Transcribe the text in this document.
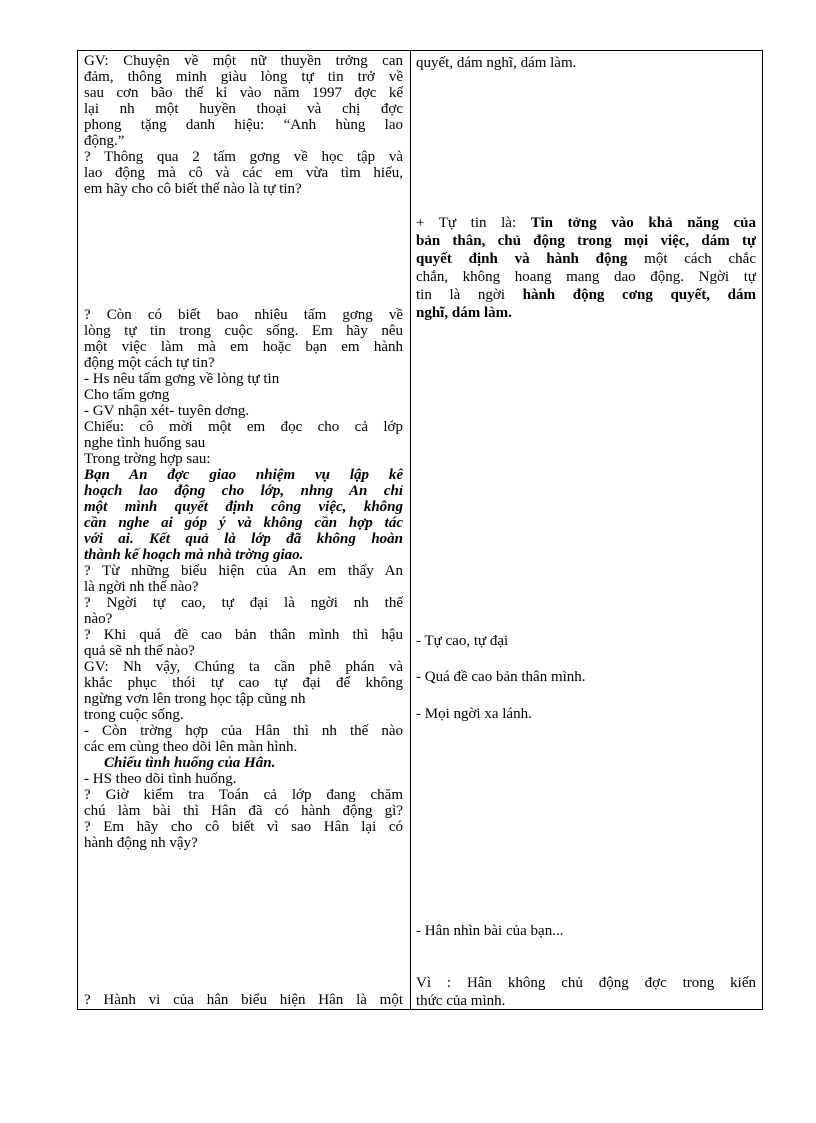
GV: Chuyện về một nữ thuyền trởng can
đảm, thông minh giàu lòng tự tin trở về
sau cơn bão thế kỉ vào năm 1997 đợc kể
lại nh một huyền thoại và chị đợc
phong tặng danh hiệu: “Anh hùng lao
động.”
? Thông qua 2 tấm gơng về học tập và
lao động mà cô và các em vừa tìm hiểu,
em hãy cho cô biết thế nào là tự tin?
? Còn có biết bao nhiêu tấm gơng về
lòng tự tin trong cuộc sống. Em hãy nêu
một việc làm mà em hoặc bạn em hành
động một cách tự tin?
- Hs nêu tấm gơng về lòng tự tin
Cho tấm gơng
- GV nhận xét- tuyên dơng.
Chiếu: cô mời một em đọc cho cả lớp
nghe tình huống sau
Trong trờng hợp sau:
Bạn An đợc giao nhiệm vụ lập kế
hoạch lao động cho lớp, nhng An chỉ
một mình quyết định công việc, không
cần nghe ai góp ý và không cần hợp tác
với ai. Kết quả là lớp đã không hoàn
thành kế hoạch mà nhà trờng giao.
? Từ những biểu hiện của An em thấy An
là ngời nh thế nào?
? Ngời tự cao, tự đại là ngời nh thế
nào?
? Khi quá đề cao bản thân mình thì hậu
quả sẽ nh thế nào?
GV: Nh vậy, Chúng ta cần phê phán và
khắc phục thói tự cao tự đại để không
ngừng vơn lên trong học tập cũng nh
trong cuộc sống.
- Còn trờng hợp của Hân thì nh thế nào
các em cùng theo dõi lên màn hình.
Chiếu tình huống của Hân.
- HS theo dõi tình huống.
? Giờ kiểm tra Toán cả lớp đang chăm
chú làm bài thì Hân đã có hành động gì?
? Em hãy cho cô biết vì sao Hân lại có
hành động nh vậy?
? Hành vi của hân biểu hiện Hân là một
quyết, dám nghĩ, dám làm.
+ Tự tin là: Tin tởng vào khả năng của
bản thân, chủ động trong mọi việc, dám tự
quyết định và hành động một cách chắc
chắn, không hoang mang dao động. Ngời tự
tin là ngời hành động cơng quyết, dám
nghĩ, dám làm.
- Tự cao, tự đại
- Quá đề cao bản thân mình.
- Mọi ngời xa lánh.
- Hân nhìn bài của bạn...
Vì : Hân không chủ động đợc trong kiến
thức của mình.
